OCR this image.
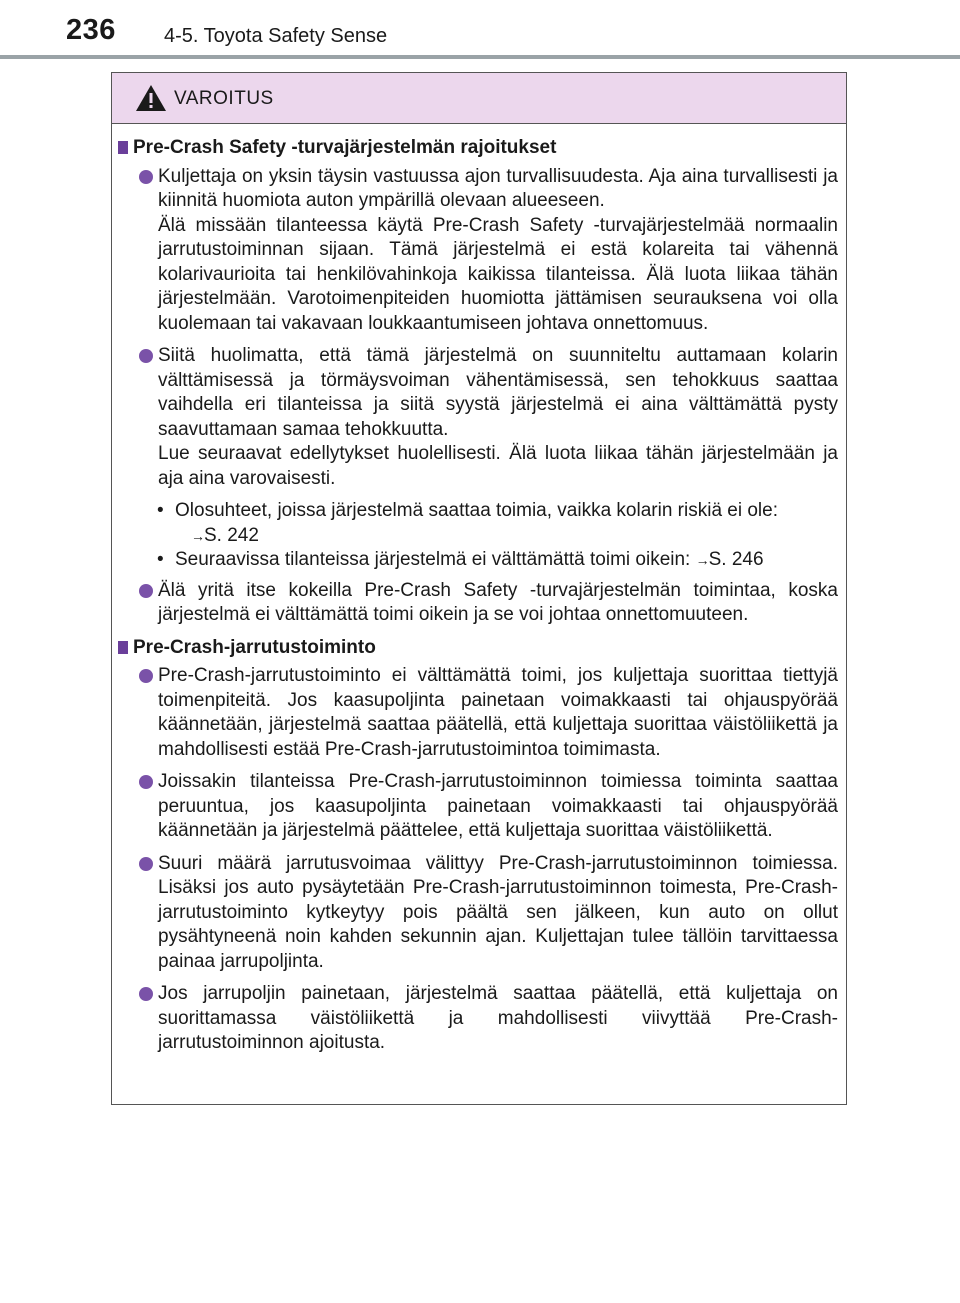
236 4-5. Toyota Safety Sense
VAROITUS
Pre-Crash Safety -turvajärjestelmän rajoitukset

Kuljettaja on yksin täysin vastuussa ajon turvallisuudesta. Aja aina turvallisesti ja kiinnitä huomiota auton ympärillä olevaan alueeseen.

Älä missään tilanteessa käytä Pre-Crash Safety -turvajärjestelmää normaalin jarrutustoiminnan sijaan. Tämä järjestelmä ei estä kolareita tai vähennä kolarivaurioita tai henkilövahinkoja kaikissa tilanteissa. Älä luota liikaa tähän järjestelmään. Varotoimenpiteiden huomiotta jättämisen seurauksena voi olla kuolemaan tai vakavaan loukkaantumiseen johtava onnettomuus.

Siitä huolimatta, että tämä järjestelmä on suunniteltu auttamaan kolarin välttämisessä ja törmäysvoiman vähentämisessä, sen tehokkuus saattaa vaihdella eri tilanteissa ja siitä syystä järjestelmä ei aina välttämättä pysty saavuttamaan samaa tehokkuutta.

Lue seuraavat edellytykset huolellisesti. Älä luota liikaa tähän järjestelmään ja aja aina varovaisesti.

• Olosuhteet, joissa järjestelmä saattaa toimia, vaikka kolarin riskiä ei ole:
→S. 242
• Seuraavissa tilanteissa järjestelmä ei välttämättä toimi oikein: →S. 246

Älä yritä itse kokeilla Pre-Crash Safety -turvajärjestelmän toimintaa, koska järjestelmä ei välttämättä toimi oikein ja se voi johtaa onnettomuuteen.

Pre-Crash-jarrutustoiminto

Pre-Crash-jarrutustoiminto ei välttämättä toimi, jos kuljettaja suorittaa tiettyjä toimenpiteitä. Jos kaasupoljinta painetaan voimakkaasti tai ohjauspyörää käännetään, järjestelmä saattaa päätellä, että kuljettaja suorittaa väistöliikettä ja mahdollisesti estää Pre-Crash-jarrutustoimintoa toimimasta.

Joissakin tilanteissa Pre-Crash-jarrutustoiminnon toimiessa toiminta saattaa peruuntua, jos kaasupoljinta painetaan voimakkaasti tai ohjauspyörää käännetään ja järjestelmä päättelee, että kuljettaja suorittaa väistöliikettä.

Suuri määrä jarrutusvoimaa välittyy Pre-Crash-jarrutustoiminnon toimiessa. Lisäksi jos auto pysäytetään Pre-Crash-jarrutustoiminnon toimesta, Pre-Crash-jarrutustoiminto kytkeytyy pois päältä sen jälkeen, kun auto on ollut pysähtyneenä noin kahden sekunnin ajan. Kuljettajan tulee tällöin tarvittaessa painaa jarrupoljinta.

Jos jarrupoljin painetaan, järjestelmä saattaa päätellä, että kuljettaja on suorittamassa väistöliikettä ja mahdollisesti viivyttää Pre-Crash-jarrutustoiminnon ajoitusta.
